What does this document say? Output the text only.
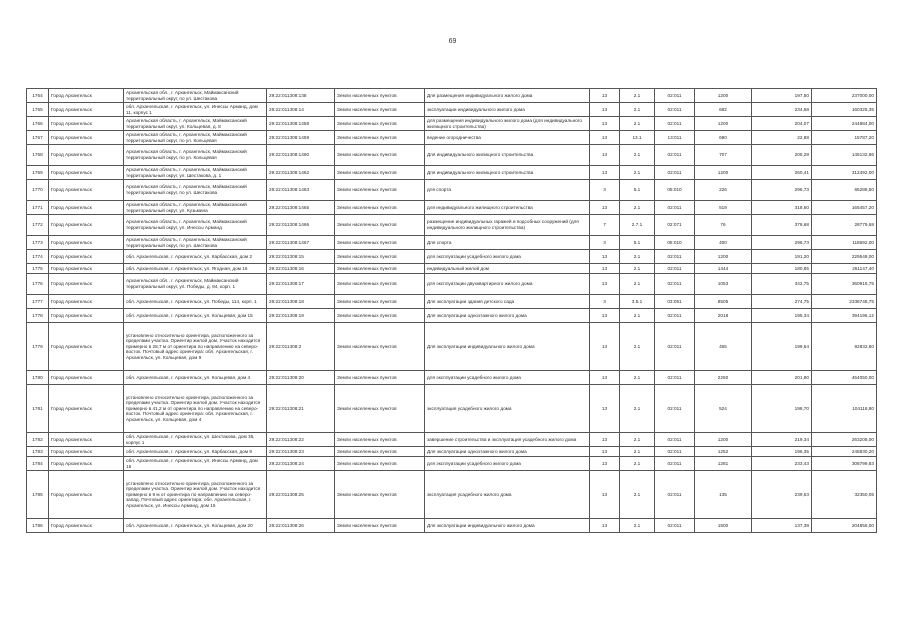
69
1764	Город Архангельск	Архангельская обл., г. Архангельск, Маймаксанский территориальный округ, по ул. Шестакова	29:22:011308:138	Земли населенных пунктов	Для размещения индивидуального жилого дома	13	2.1	02:011	1200	197,50	237000,00
1765	Город Архангельск	обл. Архангельская, г. Архангельск, ул. Инессы Арманд, дом 11, корпус 1	29:22:011308:14	Земли населенных пунктов	эксплуатации индивидуального жилого дома	13	2.1	02:011	682	234,58	160325,35
1766	Город Архангельск	Архангельская область, г. Архангельск, Маймаксанский территориальный округ, ул. Кольцевая, д. 8	29:22:011308:1458	Земли населенных пунктов	для размещения индивидуального жилого дома (для индивидуального жилищного строительства)	13	2.1	02:011	1200	204,07	244884,00
1767	Город Архангельск	Архангельская область, г. Архангельск, Маймаксанский территориальный округ, по ул. Кольцевая	29:22:011308:1459	Земли населенных пунктов	ведение огородничества	13	13.1	13:011	690	22,88	15787,20
1768	Город Архангельск	Архангельская область, г. Архангельск, Маймаксанский территориальный округ, по ул. Кольцевая	29:22:011308:1460	Земли населенных пунктов	Для индивидуального жилищного строительства	13	2.1	02:011	707	205,28	145132,96
1769	Город Архангельск	Архангельская область, г. Архангельск, Маймаксанский территориальный округ, ул. Шестакова, д. 1	29:22:011308:1462	Земли населенных пунктов	Для индивидуального жилищного строительства	13	2.1	02:011	1200	260,41	312492,00
1770	Город Архангельск	Архангельская область, г. Архангельск, Маймаксанский территориальный округ, по ул. Шестакова	29:22:011308:1463	Земли населенных пунктов	для спорта	3	5.1	05:010	226	296,73	65288,50
1771	Город Архангельск	Архангельская область, г. Архангельск, Маймаксанский территориальный округ, ул. Кузьмина	29:22:011308:1465	Земли населенных пунктов	для индивидуального жилищного строительства	13	2.1	02:011	519	318,60	165457,20
1772	Город Архангельск	Архангельская область, г. Архангельск, Маймаксанский территориальный округ, ул. Инессы Арманд	29:22:011308:1466	Земли населенных пунктов	размещение индивидуальных гаражей и подсобных сооружений (для индивидуального жилищного строительства)	7	2.7.1	02:071	76	378,68	28779,68
1773	Город Архангельск	Архангельская область, г. Архангельск, Маймаксанский территориальный округ, по ул. Шестакова	29:22:011308:1467	Земли населенных пунктов	Для спорта	3	5.1	05:010	400	296,73	118692,00
1774	Город Архангельск	обл. Архангельская, г. Архангельск, ул. Карбасская, дом 2	29:22:011308:15	Земли населенных пунктов	для эксплуатации усадебного жилого дома	13	2.1	02:011	1200	191,20	229548,00
1775	Город Архангельск	обл. Архангельская, г. Архангельск, ул. Ягодная, дом 16	29:22:011308:16	Земли населенных пунктов	индивидуальный жилой дом	13	2.1	02:011	1444	180,85	261147,40
1776	Город Архангельск	Архангельская обл., г. Архангельск, Маймаксанский территориальный округ, ул. Победы, д. 94, корп. 1	29:22:011308:17	Земли населенных пунктов	для эксплуатации двухквартирного жилого дома	13	2.1	02:011	1053	342,75	360915,75
1777	Город Архангельск	обл. Архангельская, г. Архангельск, ул. Победы, 114, корп. 1	29:22:011308:18	Земли населенных пунктов	Для эксплуатации здания детского сада	3	3.5.1	03:051	8505	274,75	2336748,75
1778	Город Архангельск	обл. Архангельская, г. Архангельск, ул. Кольцевая, дом 15	29:22:011308:19	Земли населенных пунктов	Для эксплуатации одноэтажного жилого дома	13	2.1	02:011	2018	195,34	394196,12
1779	Город Архангельск	установлено относительно ориентира, расположенного за пределами участка. Ориентир жилой дом. Участок находится примерно в 28,7 м от ориентира по направлению на северо-восток. Почтовый адрес ориентира: обл. Архангельская, г. Архангельск, ул. Кольцевая, дом 9	29:22:011308:2	Земли населенных пунктов	Для эксплуатации индивидуального жилого дома	13	2.1	02:011	465	199,64	92832,60
1780	Город Архангельск	обл. Архангельская, г. Архангельск, ул. Кольцевая, дом 4	29:22:011308:20	Земли населенных пунктов	для эксплуатации усадебного жилого дома	13	2.1	02:011	2250	201,80	454050,00
1781	Город Архангельск	установлено относительно ориентира, расположенного за пределами участка. Ориентир жилой дом. Участок находится примерно в 41,2 м от ориентира по направлению на северо-восток. Почтовый адрес ориентира: обл. Архангельская, г. Архангельск, ул. Кольцевая, дом 4	29:22:011308:21	Земли населенных пунктов	эксплуатация усадебного жилого дома	13	2.1	02:011	524	198,70	104118,80
1782	Город Архангельск	обл. Архангельская, г. Архангельск, ул. Шестакова, дом 35, корпус 1	29:22:011308:22	Земли населенных пунктов	завершение строительства и эксплуатация усадебного жилого дома	13	2.1	02:011	1200	219,34	263208,00
1783	Город Архангельск	обл. Архангельская, г. Архангельск, ул. Карбасская, дом 9	29:22:011308:23	Земли населенных пунктов	Для эксплуатации одноэтажного жилого дома	13	2.1	02:011	1252	196,35	245830,20
1784	Город Архангельск	обл. Архангельская, г. Архангельск, ул. Инессы Арманд, дом 15	29:22:011308:24	Земли населенных пунктов	для эксплуатации усадебного жилого дома	13	2.1	02:011	1281	233,43	308799,83
1785	Город Архангельск	установлено относительно ориентира, расположенного за пределами участка. Ориентир жилой дом. Участок находится примерно в 9 м от ориентира по направлению на северо-запад. Почтовый адрес ориентира: обл. Архангельская, г. Архангельск, ул. Инессы Арманд, дом 15	29:22:011308:25	Земли населенных пунктов	эксплуатация усадебного жилого дома	13	2.1	02:011	135	239,63	32350,05
1786	Город Архангельск	обл. Архангельская, г. Архангельск, ул. Кольцевая, дом 20	29:22:011308:26	Земли населенных пунктов	Для эксплуатации индивидуального жилого дома	13	2.1	02:011	1500	137,38	204856,00
